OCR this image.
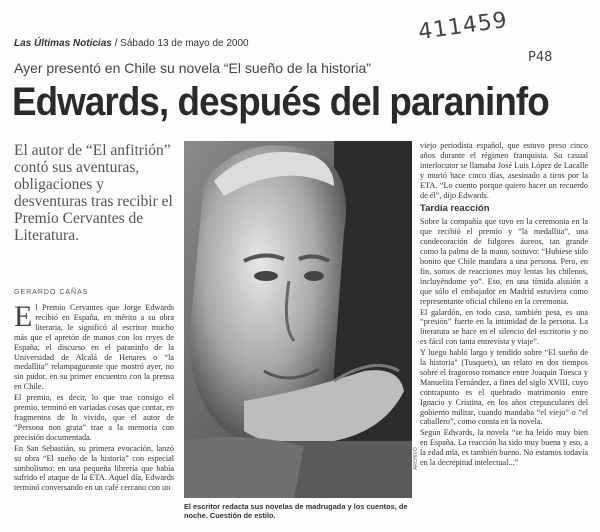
Las Últimas Noticias / Sábado 13 de mayo de 2000	411459
P48
Ayer presentó en Chile su novela “El sueño de la historia”
Edwards, después del paraninfo
El autor de “El anfitrión” contó sus aventuras, obligaciones y desventuras tras recibir el Premio Cervantes de Literatura.
GERARDO CAÑAS

El Premio Cervantes que Jorge Edwards recibió en España, en mérito a su obra literaria, le significó al escritor mucho más que el apretón de manos con los reyes de España, el discurso en el paraninfo de la Universidad de Alcalá de Henares o “la medallita” relampagueante que mostró ayer, no sin pudor, en su primer encuentro con la prensa en Chile.

El premio, es decir, lo que trae consigo el premio, terminó en variadas cosas que contar, en fragmentos de lo vivido, que el autor de “Persona non grata” trae a la memoria con precisión documentada.

En San Sebastián, su primera evocación, lanzó su obra “El sueño de la historia” con especial simbolismo: en una pequeña librería que había sufrido el ataque de la ETA. Aquel día, Edwards terminó conversando en un café cercano con un

ARCHIVO
El escritor redacta sus novelas de madrugada y los cuentos, de noche. Cuestión de estilo.

viejo periodista español, que estuvo preso cinco años durante el régimen franquista. Su casual interlocutor se llamaba José Luis López de Lacalle y murió hace cinco días, asesinado a tiros por la ETA. “Lo cuento porque quiero hacer un recuerdo de él”, dijo Edwards.

Tardía reacción

Sobre la compañía que tuvo en la ceremonia en la que recibió el premio y “la medallita”, una condecoración de fulgores áureos, tan grande como la palma de la mano, sostuvo: “Hubiese sido bonito que Chile mandara a una persona. Pero, en fin, somos de reacciones muy lentas los chilenos, incluyéndome yo”. Eso, en una tímida alusión a que sólo el embajador en Madrid estuviera como representante oficial chileno en la ceremonia.

El galardón, en todo caso, también pesa, es una “presión” fuerte en la intimidad de la persona. La literatura se hace en el silencio del escritorio y no es fácil con tanta entrevista y viaje”.

Y luego habló largo y tendido sobre “El sueño de la historia” (Tusquets), un relato en dos tiempos sobre el fragoroso romance entre Joaquín Toesca y Manuelita Fernández, a fines del siglo XVIII, cuyo contrapunto es el quebrado matrimonio entre Ignacio y Cristina, en los años crepusculares del gobierno militar, cuando mandaba “el viejo” o “el caballero”, como consta en la novela.

Según Edwards, la novela “se ha leído muy bien en España. La reacción ha sido muy buena y eso, a la edad mía, es también bueno. No estamos todavía en la decrepitud intelectual...”
